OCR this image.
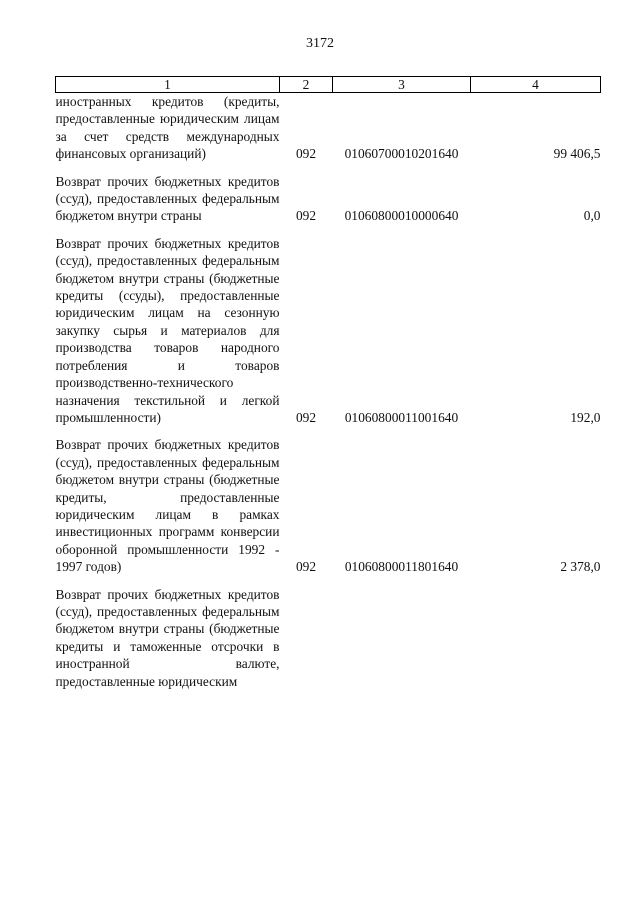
3172
1	2	3	4
иностранных кредитов (кредиты, предоставленные юридическим лицам за счет средств международных финансовых организаций)	092	01060700010201640	99 406,5
Возврат прочих бюджетных кредитов (ссуд), предоставленных федеральным бюджетом внутри страны	092	01060800010000640	0,0
Возврат прочих бюджетных кредитов (ссуд), предоставленных федеральным бюджетом внутри страны (бюджетные кредиты (ссуды), предоставленные юридическим лицам на сезонную закупку сырья и материалов для производства товаров народного потребления и товаров производственно-технического назначения текстильной и легкой промышленности)	092	01060800011001640	192,0
Возврат прочих бюджетных кредитов (ссуд), предоставленных федеральным бюджетом внутри страны (бюджетные кредиты, предоставленные юридическим лицам в рамках инвестиционных программ конверсии оборонной промышленности 1992 - 1997 годов)	092	01060800011801640	2 378,0
Возврат прочих бюджетных кредитов (ссуд), предоставленных федеральным бюджетом внутри страны (бюджетные кредиты и таможенные отсрочки в иностранной валюте, предоставленные юридическим			
